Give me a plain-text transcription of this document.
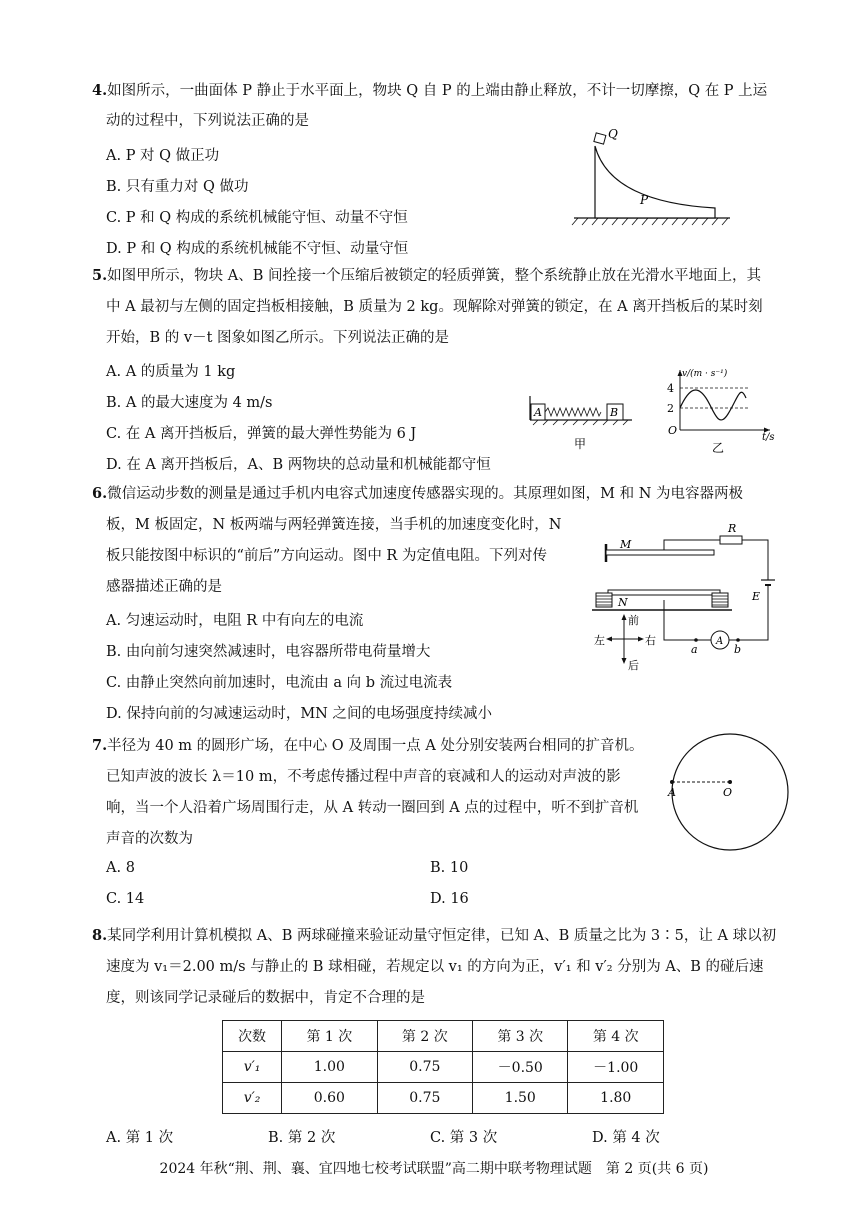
4.如图所示，一曲面体 P 静止于水平面上，物块 Q 自 P 的上端由静止释放，不计一切摩擦，Q 在 P 上运
动的过程中，下列说法正确的是
A. P 对 Q 做正功
B. 只有重力对 Q 做功
C. P 和 Q 构成的系统机械能守恒、动量不守恒
D. P 和 Q 构成的系统机械能不守恒、动量守恒
Q
P
5.如图甲所示，物块 A、B 间拴接一个压缩后被锁定的轻质弹簧，整个系统静止放在光滑水平地面上，其
中 A 最初与左侧的固定挡板相接触，B 质量为 2 kg。现解除对弹簧的锁定，在 A 离开挡板后的某时刻
开始，B 的 v－t 图象如图乙所示。下列说法正确的是
A. A 的质量为 1 kg
B. A 的最大速度为 4 m/s
C. 在 A 离开挡板后，弹簧的最大弹性势能为 6 J
D. 在 A 离开挡板后，A、B 两物块的总动量和机械能都守恒
A	B
甲
4
2
O
v/(m · s⁻¹)
t/s
乙
6.微信运动步数的测量是通过手机内电容式加速度传感器实现的。其原理如图，M 和 N 为电容器两极
板，M 板固定，N 板两端与两轻弹簧连接，当手机的加速度变化时，N
板只能按图中标识的“前后”方向运动。图中 R 为定值电阻。下列对传
感器描述正确的是
A. 匀速运动时，电阻 R 中有向左的电流
B. 由向前匀速突然减速时，电容器所带电荷量增大
C. 由静止突然向前加速时，电流由 a 向 b 流过电流表
D. 保持向前的匀减速运动时，MN 之间的电场强度持续减小
M
R
E
A
a	b
N
前
后
左	右
7.半径为 40 m 的圆形广场，在中心 O 及周围一点 A 处分别安装两台相同的扩音机。
已知声波的波长 λ＝10 m，不考虑传播过程中声音的衰减和人的运动对声波的影
响，当一个人沿着广场周围行走，从 A 转动一圈回到 A 点的过程中，听不到扩音机
声音的次数为
A. 8	B. 10
C. 14	D. 16
A	O
8.某同学利用计算机模拟 A、B 两球碰撞来验证动量守恒定律，已知 A、B 质量之比为 3∶5，让 A 球以初
速度为 v₁＝2.00 m/s 与静止的 B 球相碰，若规定以 v₁ 的方向为正，v′₁ 和 v′₂ 分别为 A、B 的碰后速
度，则该同学记录碰后的数据中，肯定不合理的是
次数	第 1 次	第 2 次	第 3 次	第 4 次
v′₁	1.00	0.75	－0.50	－1.00
v′₂	0.60	0.75	1.50	1.80
A. 第 1 次	B. 第 2 次	C. 第 3 次	D. 第 4 次
2024 年秋“荆、荆、襄、宜四地七校考试联盟”高二期中联考物理试题　第 2 页(共 6 页)
